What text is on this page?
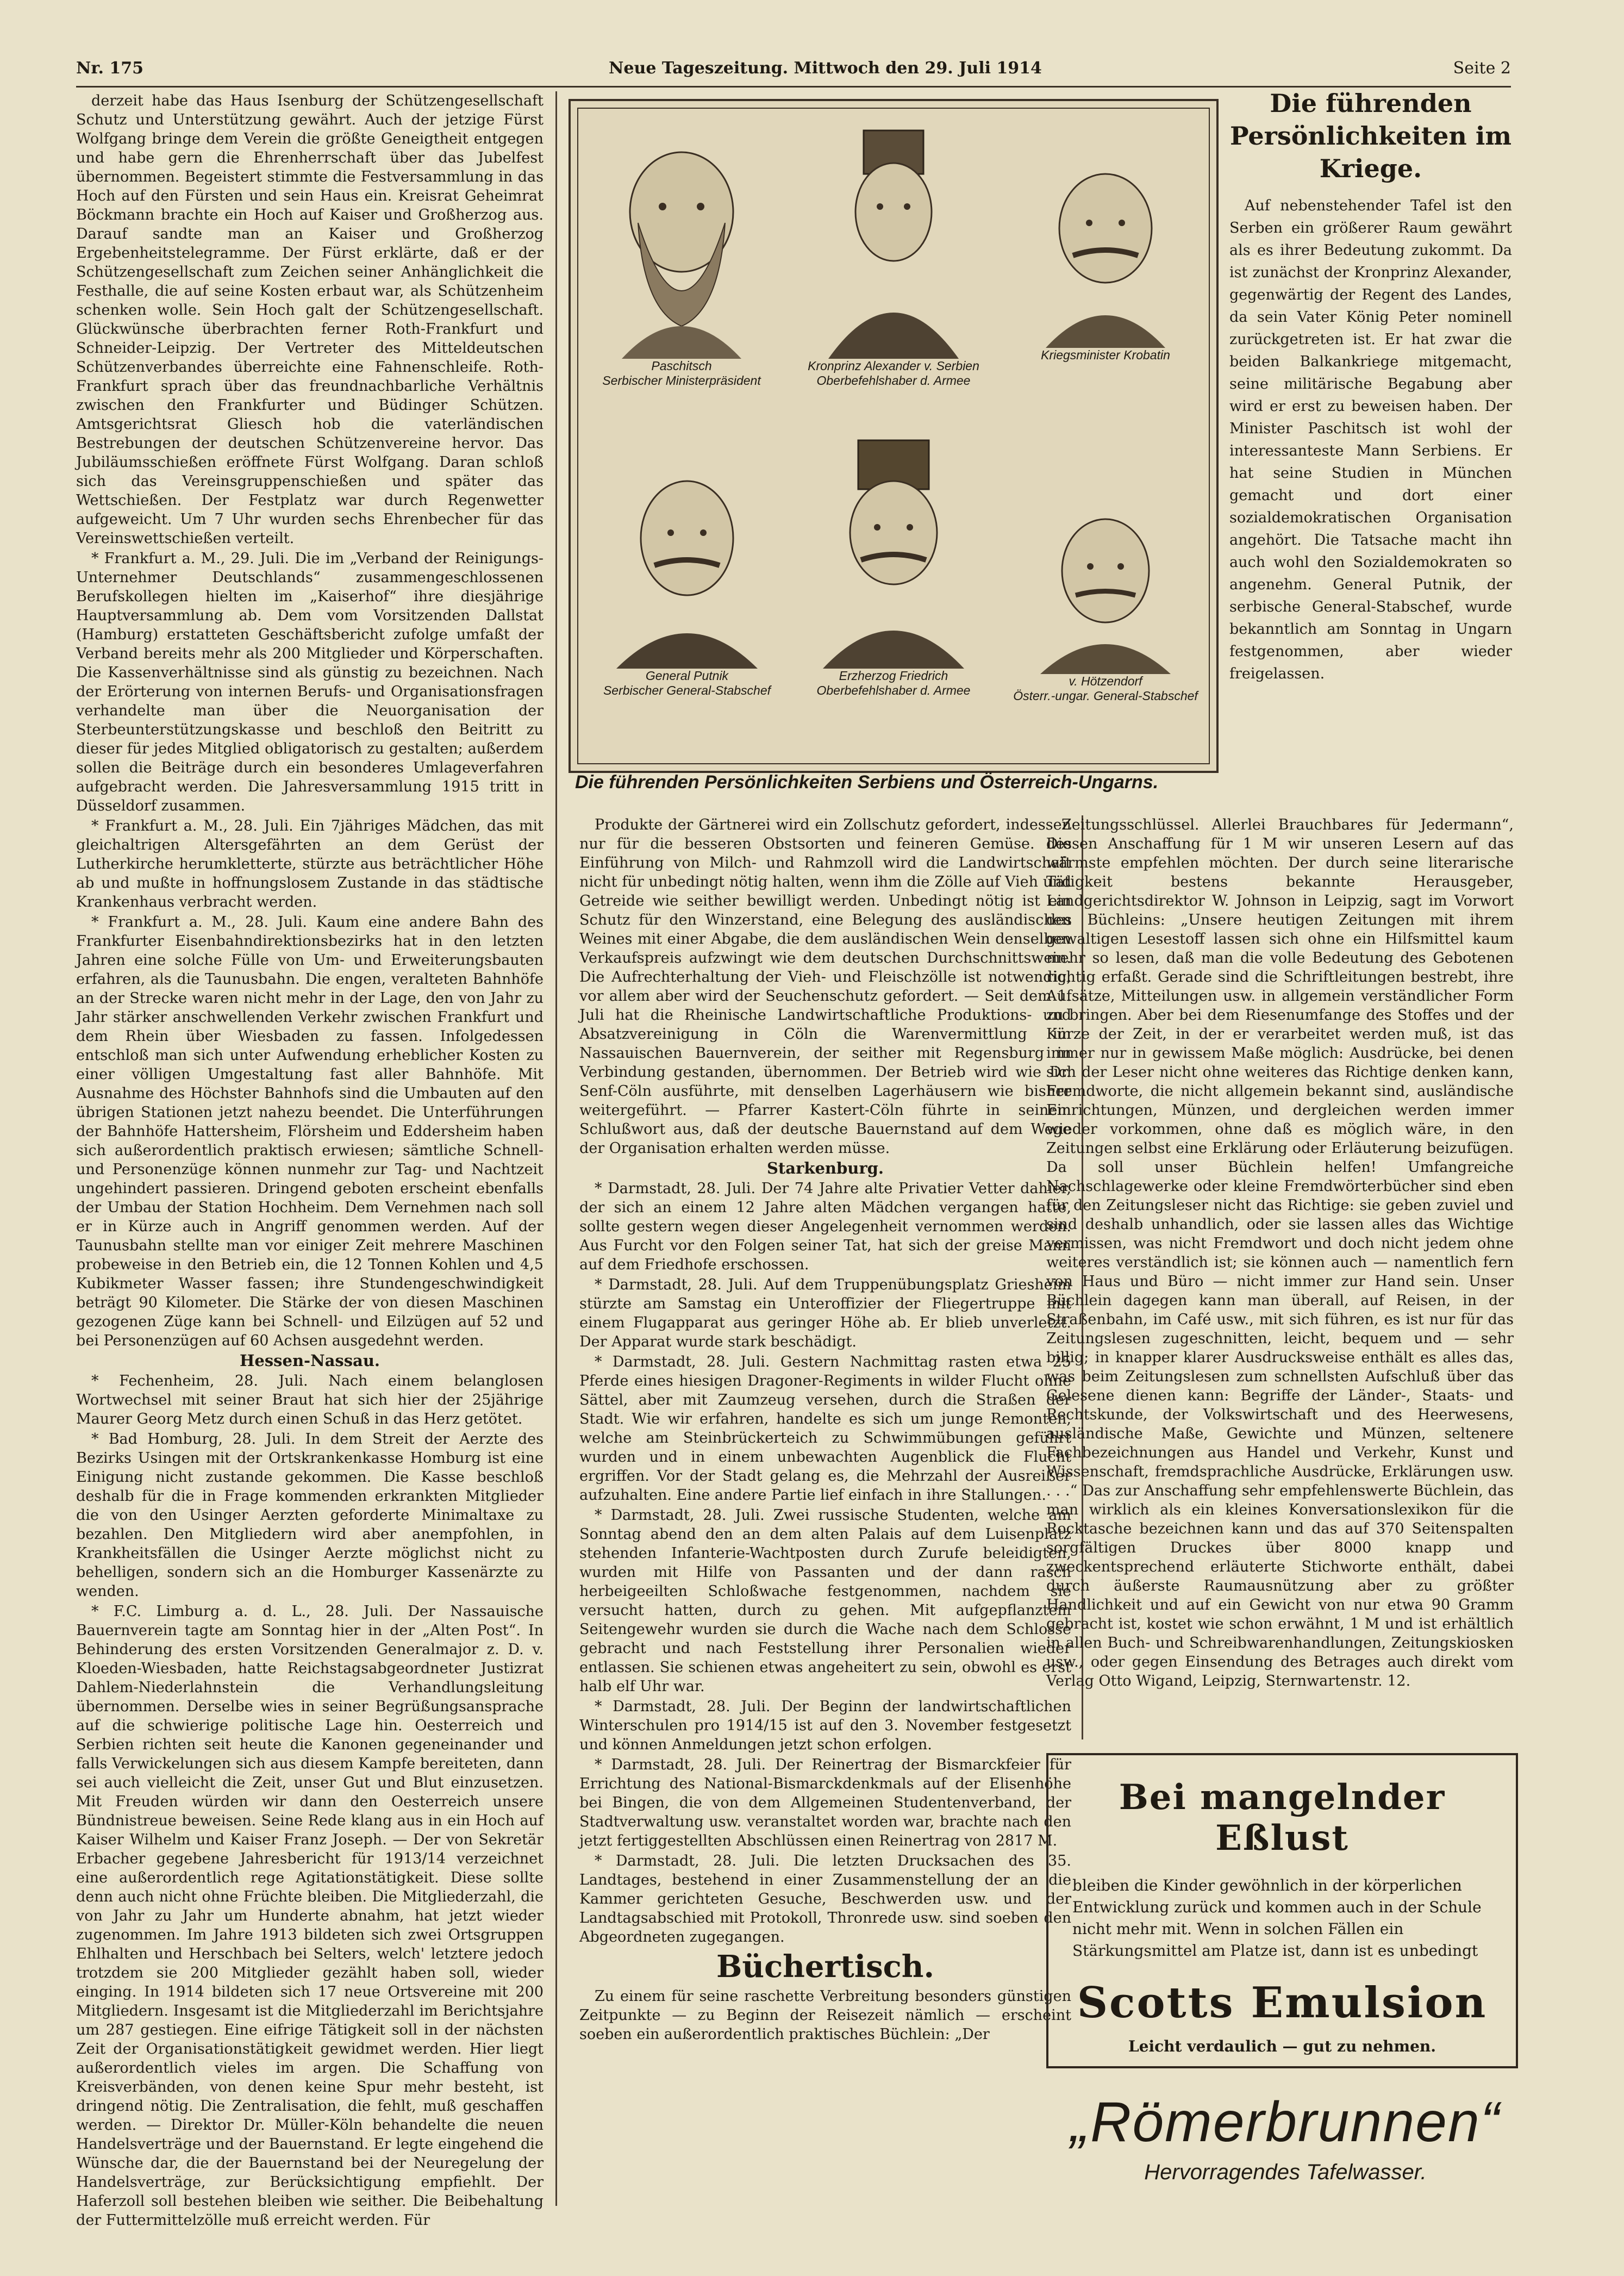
Nr. 175	Neue Tageszeitung. Mittwoch den 29. Juli 1914	Seite 2

derzeit habe das Haus Isenburg der Schützengesellschaft Schutz und Unterstützung gewährt. Auch der jetzige Fürst Wolfgang bringe dem Verein die größte Geneigtheit entgegen und habe gern die Ehrenherrschaft über das Jubelfest übernommen. Begeistert stimmte die Festversammlung in das Hoch auf den Fürsten und sein Haus ein. Kreisrat Geheimrat Böckmann brachte ein Hoch auf Kaiser und Großherzog aus. Darauf sandte man an Kaiser und Großherzog Ergebenheitstelegramme. Der Fürst erklärte, daß er der Schützengesellschaft zum Zeichen seiner Anhänglichkeit die Festhalle, die auf seine Kosten erbaut war, als Schützenheim schenken wolle. Sein Hoch galt der Schützengesellschaft. Glückwünsche überbrachten ferner Roth-Frankfurt und Schneider-Leipzig. Der Vertreter des Mitteldeutschen Schützenverbandes überreichte eine Fahnenschleife. Roth-Frankfurt sprach über das freundnachbarliche Verhältnis zwischen den Frankfurter und Büdinger Schützen. Amtsgerichtsrat Gliesch hob die vaterländischen Bestrebungen der deutschen Schützenvereine hervor. Das Jubiläumsschießen eröffnete Fürst Wolfgang. Daran schloß sich das Vereinsgruppenschießen und später das Wettschießen. Der Festplatz war durch Regenwetter aufgeweicht. Um 7 Uhr wurden sechs Ehrenbecher für das Vereinswettschießen verteilt.

* Frankfurt a. M., 29. Juli. Die im „Verband der Reinigungs-Unternehmer Deutschlands“ zusammengeschlossenen Berufskollegen hielten im „Kaiserhof“ ihre diesjährige Hauptversammlung ab. Dem vom Vorsitzenden Dallstat (Hamburg) erstatteten Geschäftsbericht zufolge umfaßt der Verband bereits mehr als 200 Mitglieder und Körperschaften. Die Kassenverhältnisse sind als günstig zu bezeichnen. Nach der Erörterung von internen Berufs- und Organisationsfragen verhandelte man über die Neuorganisation der Sterbeunterstützungskasse und beschloß den Beitritt zu dieser für jedes Mitglied obligatorisch zu gestalten; außerdem sollen die Beiträge durch ein besonderes Umlageverfahren aufgebracht werden. Die Jahresversammlung 1915 tritt in Düsseldorf zusammen.

* Frankfurt a. M., 28. Juli. Ein 7jähriges Mädchen, das mit gleichaltrigen Altersgefährten an dem Gerüst der Lutherkirche herumkletterte, stürzte aus beträchtlicher Höhe ab und mußte in hoffnungslosem Zustande in das städtische Krankenhaus verbracht werden.

* Frankfurt a. M., 28. Juli. Kaum eine andere Bahn des Frankfurter Eisenbahndirektionsbezirks hat in den letzten Jahren eine solche Fülle von Um- und Erweiterungsbauten erfahren, als die Taunusbahn. Die engen, veralteten Bahnhöfe an der Strecke waren nicht mehr in der Lage, den von Jahr zu Jahr stärker anschwellenden Verkehr zwischen Frankfurt und dem Rhein über Wiesbaden zu fassen. Infolgedessen entschloß man sich unter Aufwendung erheblicher Kosten zu einer völligen Umgestaltung fast aller Bahnhöfe. Mit Ausnahme des Höchster Bahnhofs sind die Umbauten auf den übrigen Stationen jetzt nahezu beendet. Die Unterführungen der Bahnhöfe Hattersheim, Flörsheim und Eddersheim haben sich außerordentlich praktisch erwiesen; sämtliche Schnell- und Personenzüge können nunmehr zur Tag- und Nachtzeit ungehindert passieren. Dringend geboten erscheint ebenfalls der Umbau der Station Hochheim. Dem Vernehmen nach soll er in Kürze auch in Angriff genommen werden. Auf der Taunusbahn stellte man vor einiger Zeit mehrere Maschinen probeweise in den Betrieb ein, die 12 Tonnen Kohlen und 4,5 Kubikmeter Wasser fassen; ihre Stundengeschwindigkeit beträgt 90 Kilometer. Die Stärke der von diesen Maschinen gezogenen Züge kann bei Schnell- und Eilzügen auf 52 und bei Personenzügen auf 60 Achsen ausgedehnt werden.

Hessen-Nassau.

* Fechenheim, 28. Juli. Nach einem belanglosen Wortwechsel mit seiner Braut hat sich hier der 25jährige Maurer Georg Metz durch einen Schuß in das Herz getötet.

* Bad Homburg, 28. Juli. In dem Streit der Aerzte des Bezirks Usingen mit der Ortskrankenkasse Homburg ist eine Einigung nicht zustande gekommen. Die Kasse beschloß deshalb für die in Frage kommenden erkrankten Mitglieder die von den Usinger Aerzten geforderte Minimaltaxe zu bezahlen. Den Mitgliedern wird aber anempfohlen, in Krankheitsfällen die Usinger Aerzte möglichst nicht zu behelligen, sondern sich an die Homburger Kassenärzte zu wenden.

* F.C. Limburg a. d. L., 28. Juli. Der Nassauische Bauernverein tagte am Sonntag hier in der „Alten Post“. In Behinderung des ersten Vorsitzenden Generalmajor z. D. v. Kloeden-Wiesbaden, hatte Reichstagsabgeordneter Justizrat Dahlem-Niederlahnstein die Verhandlungsleitung übernommen. Derselbe wies in seiner Begrüßungsansprache auf die schwierige politische Lage hin. Oesterreich und Serbien richten seit heute die Kanonen gegeneinander und falls Verwickelungen sich aus diesem Kampfe bereiteten, dann sei auch vielleicht die Zeit, unser Gut und Blut einzusetzen. Mit Freuden würden wir dann den Oesterreich unsere Bündnistreue beweisen. Seine Rede klang aus in ein Hoch auf Kaiser Wilhelm und Kaiser Franz Joseph. — Der von Sekretär Erbacher gegebene Jahresbericht für 1913/14 verzeichnet eine außerordentlich rege Agitationstätigkeit. Diese sollte denn auch nicht ohne Früchte bleiben. Die Mitgliederzahl, die von Jahr zu Jahr um Hunderte abnahm, hat jetzt wieder zugenommen. Im Jahre 1913 bildeten sich zwei Ortsgruppen Ehlhalten und Herschbach bei Selters, welch' letztere jedoch trotzdem sie 200 Mitglieder gezählt haben soll, wieder einging. In 1914 bildeten sich 17 neue Ortsvereine mit 200 Mitgliedern. Insgesamt ist die Mitgliederzahl im Berichtsjahre um 287 gestiegen. Eine eifrige Tätigkeit soll in der nächsten Zeit der Organisationstätigkeit gewidmet werden. Hier liegt außerordentlich vieles im argen. Die Schaffung von Kreisverbänden, von denen keine Spur mehr besteht, ist dringend nötig. Die Zentralisation, die fehlt, muß geschaffen werden. — Direktor Dr. Müller-Köln behandelte die neuen Handelsverträge und der Bauernstand. Er legte eingehend die Wünsche dar, die der Bauernstand bei der Neuregelung der Handelsverträge, zur Berücksichtigung empfiehlt. Der Haferzoll soll bestehen bleiben wie seither. Die Beibehaltung der Futtermittelzölle muß erreicht werden. Für

Paschitsch
Serbischer Ministerpräsident
Kronprinz Alexander v. Serbien
Oberbefehlshaber d. Armee
Kriegsminister Krobatin
General Putnik
Serbischer General-Stabschef
Erzherzog Friedrich
Oberbefehlshaber d. Armee
v. Hötzendorf
Österr.-ungar. General-Stabschef
Die führenden Persönlichkeiten Serbiens und Österreich-Ungarns.
Die führenden Persönlichkeiten im Kriege.

Auf nebenstehender Tafel ist den Serben ein größerer Raum gewährt als es ihrer Bedeutung zukommt. Da ist zunächst der Kronprinz Alexander, gegenwärtig der Regent des Landes, da sein Vater König Peter nominell zurückgetreten ist. Er hat zwar die beiden Balkankriege mitgemacht, seine militärische Begabung aber wird er erst zu beweisen haben. Der Minister Paschitsch ist wohl der interessanteste Mann Serbiens. Er hat seine Studien in München gemacht und dort einer sozialdemokratischen Organisation angehört. Die Tatsache macht ihn auch wohl den Sozialdemokraten so angenehm. General Putnik, der serbische General-Stabschef, wurde bekanntlich am Sonntag in Ungarn festgenommen, aber wieder freigelassen.

Produkte der Gärtnerei wird ein Zollschutz gefordert, indessen nur für die besseren Obstsorten und feineren Gemüse. Die Einführung von Milch- und Rahmzoll wird die Landwirtschaft nicht für unbedingt nötig halten, wenn ihm die Zölle auf Vieh und Getreide wie seither bewilligt werden. Unbedingt nötig ist ein Schutz für den Winzerstand, eine Belegung des ausländischen Weines mit einer Abgabe, die dem ausländischen Wein denselben Verkaufspreis aufzwingt wie dem deutschen Durchschnittswein. Die Aufrechterhaltung der Vieh- und Fleischzölle ist notwendig, vor allem aber wird der Seuchenschutz gefordert. — Seit dem 1. Juli hat die Rheinische Landwirtschaftliche Produktions- und Absatzvereinigung in Cöln die Warenvermittlung im Nassauischen Bauernverein, der seither mit Regensburg in Verbindung gestanden, übernommen. Der Betrieb wird wie Dr. Senf-Cöln ausführte, mit denselben Lagerhäusern wie bisher weitergeführt. — Pfarrer Kastert-Cöln führte in seinem Schlußwort aus, daß der deutsche Bauernstand auf dem Wege der Organisation erhalten werden müsse.

Starkenburg.

* Darmstadt, 28. Juli. Der 74 Jahre alte Privatier Vetter dahier, der sich an einem 12 Jahre alten Mädchen vergangen hatte, sollte gestern wegen dieser Angelegenheit vernommen werden. Aus Furcht vor den Folgen seiner Tat, hat sich der greise Mann auf dem Friedhofe erschossen.

* Darmstadt, 28. Juli. Auf dem Truppenübungsplatz Griesheim stürzte am Samstag ein Unteroffizier der Fliegertruppe mit einem Flugapparat aus geringer Höhe ab. Er blieb unverletzt. Der Apparat wurde stark beschädigt.

* Darmstadt, 28. Juli. Gestern Nachmittag rasten etwa 25 Pferde eines hiesigen Dragoner-Regiments in wilder Flucht ohne Sättel, aber mit Zaumzeug versehen, durch die Straßen der Stadt. Wie wir erfahren, handelte es sich um junge Remonten, welche am Steinbrückerteich zu Schwimmübungen geführt wurden und in einem unbewachten Augenblick die Flucht ergriffen. Vor der Stadt gelang es, die Mehrzahl der Ausreißer aufzuhalten. Eine andere Partie lief einfach in ihre Stallungen.

* Darmstadt, 28. Juli. Zwei russische Studenten, welche am Sonntag abend den an dem alten Palais auf dem Luisenplatz stehenden Infanterie-Wachtposten durch Zurufe beleidigten, wurden mit Hilfe von Passanten und der dann rasch herbeigeeilten Schloßwache festgenommen, nachdem sie versucht hatten, durch zu gehen. Mit aufgepflanztem Seitengewehr wurden sie durch die Wache nach dem Schlosse gebracht und nach Feststellung ihrer Personalien wieder entlassen. Sie schienen etwas angeheitert zu sein, obwohl es erst halb elf Uhr war.

* Darmstadt, 28. Juli. Der Beginn der landwirtschaftlichen Winterschulen pro 1914/15 ist auf den 3. November festgesetzt und können Anmeldungen jetzt schon erfolgen.

* Darmstadt, 28. Juli. Der Reinertrag der Bismarckfeier für Errichtung des National-Bismarckdenkmals auf der Elisenhöhe bei Bingen, die von dem Allgemeinen Studentenverband, der Stadtverwaltung usw. veranstaltet worden war, brachte nach den jetzt fertiggestellten Abschlüssen einen Reinertrag von 2817 M.

* Darmstadt, 28. Juli. Die letzten Drucksachen des 35. Landtages, bestehend in einer Zusammenstellung der an die Kammer gerichteten Gesuche, Beschwerden usw. und der Landtagsabschied mit Protokoll, Thronrede usw. sind soeben den Abgeordneten zugegangen.

Büchertisch.

Zu einem für seine raschette Verbreitung besonders günstigen Zeitpunkte — zu Beginn der Reisezeit nämlich — erscheint soeben ein außerordentlich praktisches Büchlein: „Der

Zeitungsschlüssel. Allerlei Brauchbares für Jedermann“, dessen Anschaffung für 1 M wir unseren Lesern auf das wärmste empfehlen möchten. Der durch seine literarische Tätigkeit bestens bekannte Herausgeber, Landgerichtsdirektor W. Johnson in Leipzig, sagt im Vorwort des Büchleins: „Unsere heutigen Zeitungen mit ihrem gewaltigen Lesestoff lassen sich ohne ein Hilfsmittel kaum mehr so lesen, daß man die volle Bedeutung des Gebotenen richtig erfaßt. Gerade sind die Schriftleitungen bestrebt, ihre Aufsätze, Mitteilungen usw. in allgemein verständlicher Form zu bringen. Aber bei dem Riesenumfange des Stoffes und der Kürze der Zeit, in der er verarbeitet werden muß, ist das immer nur in gewissem Maße möglich: Ausdrücke, bei denen sich der Leser nicht ohne weiteres das Richtige denken kann, Fremdworte, die nicht allgemein bekannt sind, ausländische Einrichtungen, Münzen, und dergleichen werden immer wieder vorkommen, ohne daß es möglich wäre, in den Zeitungen selbst eine Erklärung oder Erläuterung beizufügen. Da soll unser Büchlein helfen! Umfangreiche Nachschlagewerke oder kleine Fremdwörterbücher sind eben für den Zeitungsleser nicht das Richtige: sie geben zuviel und sind deshalb unhandlich, oder sie lassen alles das Wichtige vermissen, was nicht Fremdwort und doch nicht jedem ohne weiteres verständlich ist; sie können auch — namentlich fern von Haus und Büro — nicht immer zur Hand sein. Unser Büchlein dagegen kann man überall, auf Reisen, in der Straßenbahn, im Café usw., mit sich führen, es ist nur für das Zeitungslesen zugeschnitten, leicht, bequem und — sehr billig; in knapper klarer Ausdrucksweise enthält es alles das, was beim Zeitungslesen zum schnellsten Aufschluß über das Gelesene dienen kann: Begriffe der Länder-, Staats- und Rechtskunde, der Volkswirtschaft und des Heerwesens, ausländische Maße, Gewichte und Münzen, seltenere Fachbezeichnungen aus Handel und Verkehr, Kunst und Wissenschaft, fremdsprachliche Ausdrücke, Erklärungen usw. . . .“ Das zur Anschaffung sehr empfehlenswerte Büchlein, das man wirklich als ein kleines Konversationslexikon für die Rocktasche bezeichnen kann und das auf 370 Seitenspalten sorgfältigen Druckes über 8000 knapp und zweckentsprechend erläuterte Stichworte enthält, dabei durch äußerste Raumausnützung aber zu größter Handlichkeit und auf ein Gewicht von nur etwa 90 Gramm gebracht ist, kostet wie schon erwähnt, 1 M und ist erhältlich in allen Buch- und Schreibwarenhandlungen, Zeitungskiosken usw., oder gegen Einsendung des Betrages auch direkt vom Verlag Otto Wigand, Leipzig, Sternwartenstr. 12.

Bei mangelnder Eßlust
bleiben die Kinder gewöhnlich in der körperlichen Entwicklung zurück und kommen auch in der Schule nicht mehr mit. Wenn in solchen Fällen ein Stärkungsmittel am Platze ist, dann ist es unbedingt
Scotts Emulsion
Leicht verdaulich — gut zu nehmen.
„Römerbrunnen“
Hervorragendes Tafelwasser.
